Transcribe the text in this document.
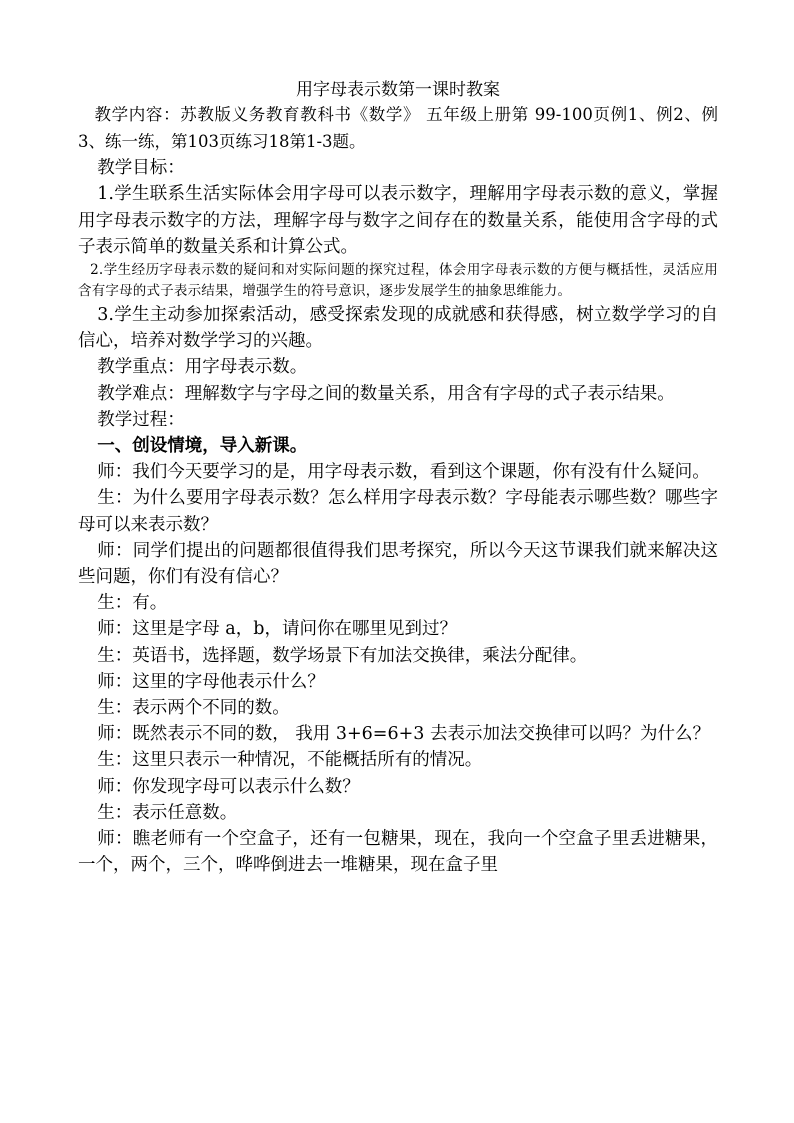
用字母表示数第一课时教案

教学内容：苏教版义务教育教科书《数学》 五年级上册第 99-100页例1、例2、例3、练一练，第103页练习18第1-3题。

教学目标：

1.学生联系生活实际体会用字母可以表示数字，理解用字母表示数的意义，掌握用字母表示数字的方法，理解字母与数字之间存在的数量关系，能使用含字母的式子表示简单的数量关系和计算公式。

2.学生经历字母表示数的疑问和对实际问题的探究过程，体会用字母表示数的方便与概括性，灵活应用含有字母的式子表示结果，增强学生的符号意识，逐步发展学生的抽象思维能力。

3.学生主动参加探索活动，感受探索发现的成就感和获得感，树立数学学习的自信心，培养对数学学习的兴趣。

教学重点：用字母表示数。

教学难点：理解数字与字母之间的数量关系，用含有字母的式子表示结果。

教学过程：

一、创设情境，导入新课。

师：我们今天要学习的是，用字母表示数，看到这个课题，你有没有什么疑问。

生：为什么要用字母表示数？怎么样用字母表示数？字母能表示哪些数？哪些字母可以来表示数？

师：同学们提出的问题都很值得我们思考探究，所以今天这节课我们就来解决这些问题，你们有没有信心？

生：有。

师：这里是字母 a，b，请问你在哪里见到过？

生：英语书，选择题，数学场景下有加法交换律，乘法分配律。

师：这里的字母他表示什么？

生：表示两个不同的数。

师：既然表示不同的数， 我用 3+6=6+3 去表示加法交换律可以吗？为什么？

生：这里只表示一种情况，不能概括所有的情况。

师：你发现字母可以表示什么数？

生：表示任意数。

师：瞧老师有一个空盒子，还有一包糖果，现在，我向一个空盒子里丢进糖果，一个，两个，三个，哗哗倒进去一堆糖果，现在盒子里
